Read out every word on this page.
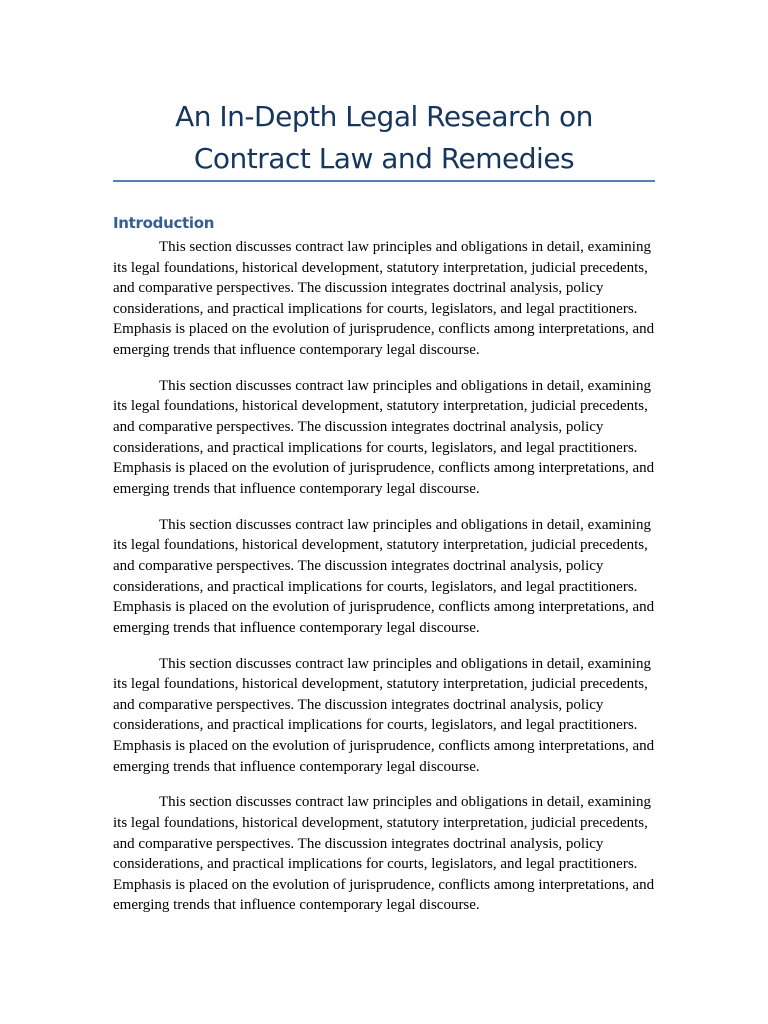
An In-Depth Legal Research on Contract Law and Remedies
Introduction

This section discusses contract law principles and obligations in detail, examining its legal foundations, historical development, statutory interpretation, judicial precedents, and comparative perspectives. The discussion integrates doctrinal analysis, policy considerations, and practical implications for courts, legislators, and legal practitioners. Emphasis is placed on the evolution of jurisprudence, conflicts among interpretations, and emerging trends that influence contemporary legal discourse.

This section discusses contract law principles and obligations in detail, examining its legal foundations, historical development, statutory interpretation, judicial precedents, and comparative perspectives. The discussion integrates doctrinal analysis, policy considerations, and practical implications for courts, legislators, and legal practitioners. Emphasis is placed on the evolution of jurisprudence, conflicts among interpretations, and emerging trends that influence contemporary legal discourse.

This section discusses contract law principles and obligations in detail, examining its legal foundations, historical development, statutory interpretation, judicial precedents, and comparative perspectives. The discussion integrates doctrinal analysis, policy considerations, and practical implications for courts, legislators, and legal practitioners. Emphasis is placed on the evolution of jurisprudence, conflicts among interpretations, and emerging trends that influence contemporary legal discourse.

This section discusses contract law principles and obligations in detail, examining its legal foundations, historical development, statutory interpretation, judicial precedents, and comparative perspectives. The discussion integrates doctrinal analysis, policy considerations, and practical implications for courts, legislators, and legal practitioners. Emphasis is placed on the evolution of jurisprudence, conflicts among interpretations, and emerging trends that influence contemporary legal discourse.

This section discusses contract law principles and obligations in detail, examining its legal foundations, historical development, statutory interpretation, judicial precedents, and comparative perspectives. The discussion integrates doctrinal analysis, policy considerations, and practical implications for courts, legislators, and legal practitioners. Emphasis is placed on the evolution of jurisprudence, conflicts among interpretations, and emerging trends that influence contemporary legal discourse.
